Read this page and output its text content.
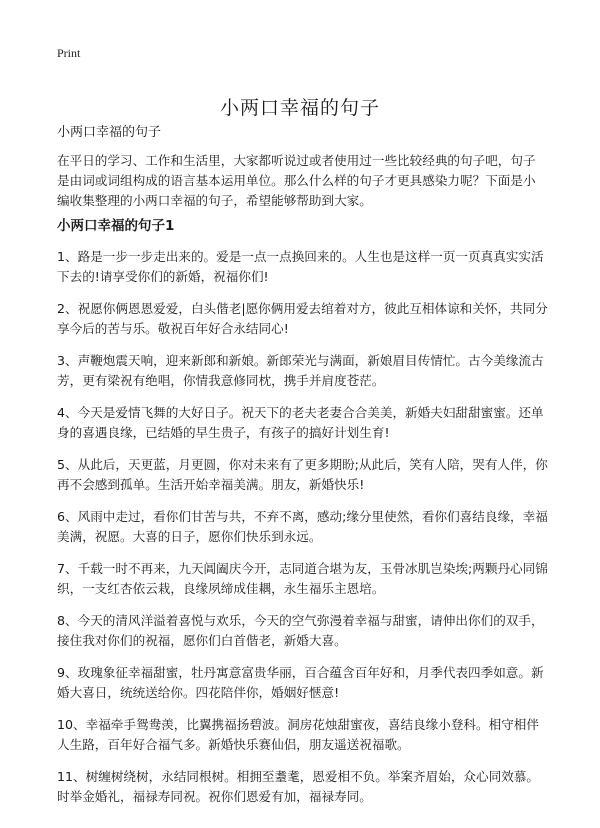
Print
小两口幸福的句子
小两口幸福的句子

在平日的学习、工作和生活里，大家都听说过或者使用过一些比较经典的句子吧，句子是由词或词组构成的语言基本运用单位。那么什么样的句子才更具感染力呢？下面是小编收集整理的小两口幸福的句子，希望能够帮助到大家。

小两口幸福的句子1
1、路是一步一步走出来的。爱是一点一点换回来的。人生也是这样一页一页真真实实活下去的!请享受你们的新婚，祝福你们!
2、祝愿你俩恩恩爱爱，白头偕老|愿你俩用爱去绾着对方，彼此互相体谅和关怀，共同分享今后的苦与乐。敬祝百年好合永结同心!
3、声鞭炮震天响，迎来新郎和新娘。新郎荣光与满面，新娘眉目传情忙。古今美缘流古芳，更有梁祝有绝唱，你情我意修同枕，携手并肩度苍茫。
4、今天是爱情飞舞的大好日子。祝天下的老夫老妻合合美美，新婚夫妇甜甜蜜蜜。还单身的喜遇良缘，已结婚的早生贵子，有孩子的搞好计划生育!
5、从此后，天更蓝，月更圆，你对未来有了更多期盼;从此后，笑有人陪，哭有人伴，你再不会感到孤单。生活开始幸福美满。朋友，新婚快乐!
6、风雨中走过，看你们甘苦与共，不弃不离，感动;缘分里使然，看你们喜结良缘，幸福美满，祝愿。大喜的日子，愿你们快乐到永远。
7、千载一时不再来，九天阊阖庆今开，志同道合堪为友，玉骨冰肌岂染埃;两颗丹心同锦织，一支红杏依云栽，良缘夙缔成佳耦，永生福乐主恩培。
8、今天的清风洋溢着喜悦与欢乐，今天的空气弥漫着幸福与甜蜜，请伸出你们的双手，接住我对你们的祝福，愿你们白首偕老，新婚大喜。
9、玫瑰象征幸福甜蜜，牡丹寓意富贵华丽，百合蕴含百年好和，月季代表四季如意。新婚大喜日，统统送给你。四花陪伴你，婚姻好惬意!
10、幸福牵手鸳鸯羡，比翼携福扬碧波。洞房花烛甜蜜夜，喜结良缘小登科。相守相伴人生路，百年好合福气多。新婚快乐赛仙侣，朋友遥送祝福歌。
11、树缠树绕树，永结同根树。相拥至耋耄，恩爱相不负。举案齐眉始，众心同效慕。时举金婚礼，福禄寿同祝。祝你们恩爱有加，福禄寿同。
